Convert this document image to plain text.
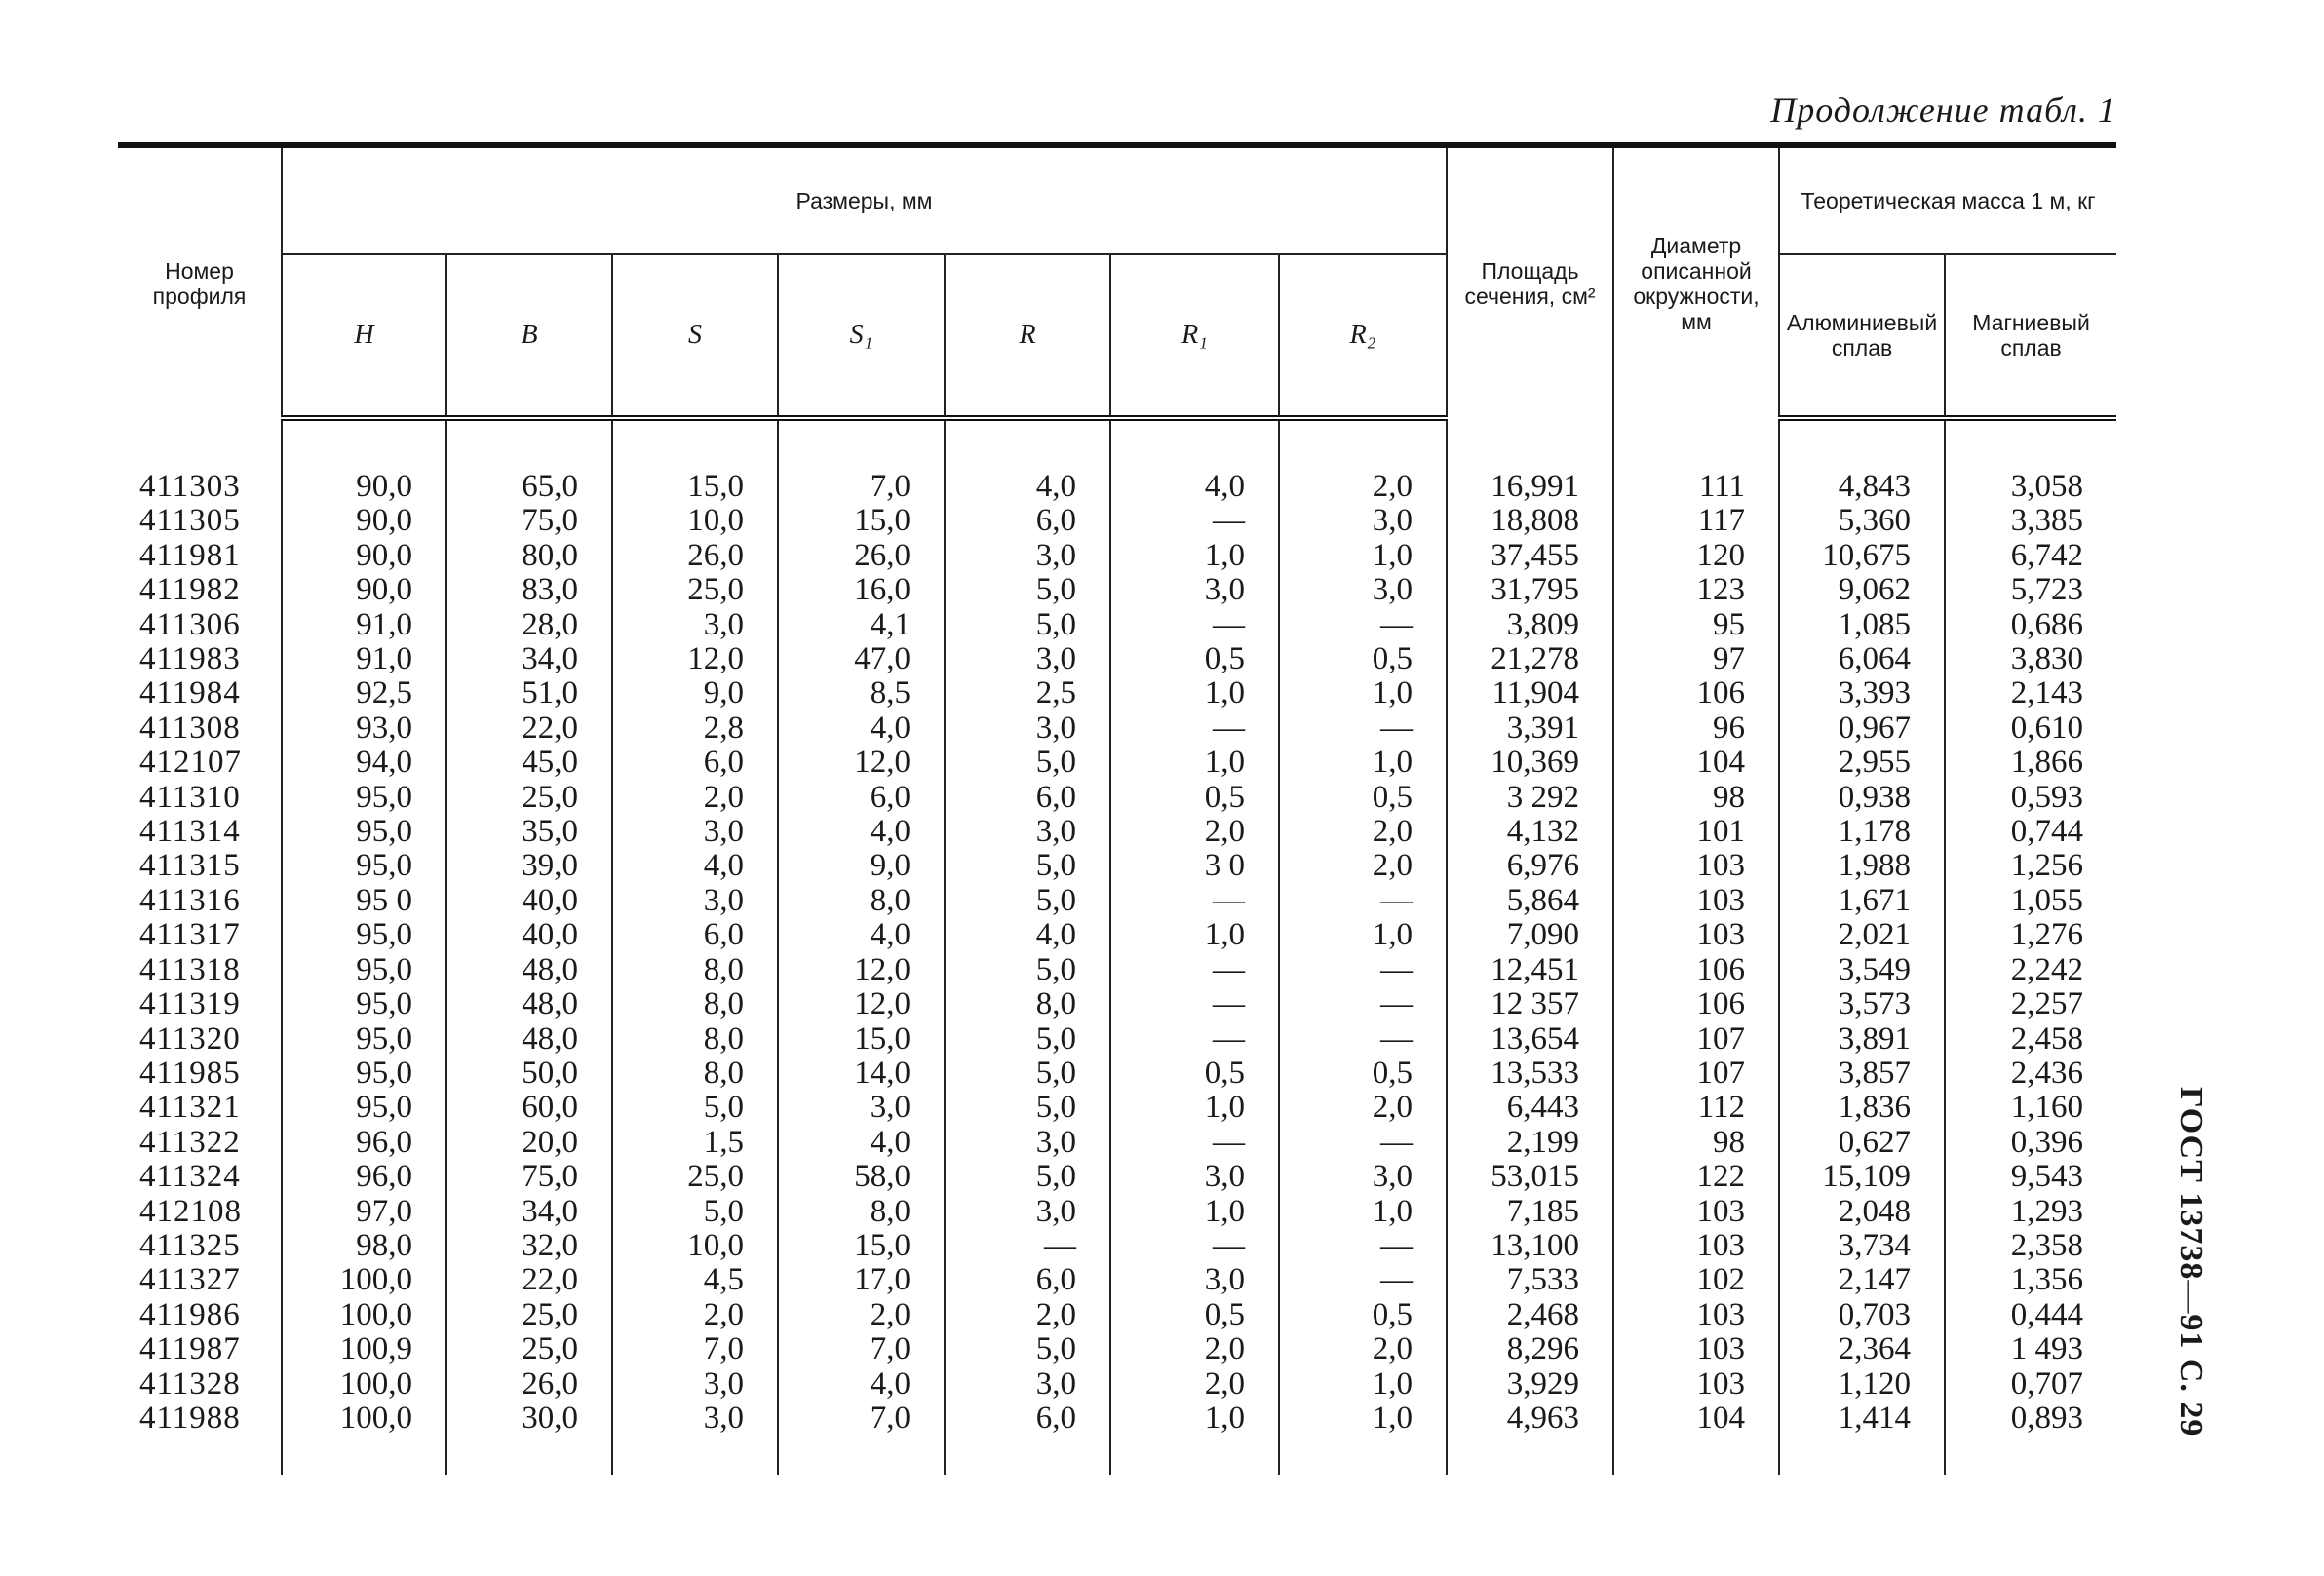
Продолжение табл. 1
Номер профиля	Размеры, мм							Площадь сечения, см²	Диаметр описанной окружности, мм	Теоретическая масса 1 м, кг	
	H	B	S	S₁	R	R₁	R₂			Алюминиевый сплав	Магниевый сплав

411303	90,0	65,0	15,0	7,0	4,0	4,0	2,0	16,991	111	4,843	3,058
411305	90,0	75,0	10,0	15,0	6,0	—	3,0	18,808	117	5,360	3,385
411981	90,0	80,0	26,0	26,0	3,0	1,0	1,0	37,455	120	10,675	6,742
411982	90,0	83,0	25,0	16,0	5,0	3,0	3,0	31,795	123	9,062	5,723
411306	91,0	28,0	3,0	4,1	5,0	—	—	3,809	95	1,085	0,686
411983	91,0	34,0	12,0	47,0	3,0	0,5	0,5	21,278	97	6,064	3,830
411984	92,5	51,0	9,0	8,5	2,5	1,0	1,0	11,904	106	3,393	2,143
411308	93,0	22,0	2,8	4,0	3,0	—	—	3,391	96	0,967	0,610
412107	94,0	45,0	6,0	12,0	5,0	1,0	1,0	10,369	104	2,955	1,866
411310	95,0	25,0	2,0	6,0	6,0	0,5	0,5	3 292	98	0,938	0,593
411314	95,0	35,0	3,0	4,0	3,0	2,0	2,0	4,132	101	1,178	0,744
411315	95,0	39,0	4,0	9,0	5,0	3 0	2,0	6,976	103	1,988	1,256
411316	95 0	40,0	3,0	8,0	5,0	—	—	5,864	103	1,671	1,055
411317	95,0	40,0	6,0	4,0	4,0	1,0	1,0	7,090	103	2,021	1,276
411318	95,0	48,0	8,0	12,0	5,0	—	—	12,451	106	3,549	2,242
411319	95,0	48,0	8,0	12,0	8,0	—	—	12 357	106	3,573	2,257
411320	95,0	48,0	8,0	15,0	5,0	—	—	13,654	107	3,891	2,458
411985	95,0	50,0	8,0	14,0	5,0	0,5	0,5	13,533	107	3,857	2,436
411321	95,0	60,0	5,0	3,0	5,0	1,0	2,0	6,443	112	1,836	1,160
411322	96,0	20,0	1,5	4,0	3,0	—	—	2,199	98	0,627	0,396
411324	96,0	75,0	25,0	58,0	5,0	3,0	3,0	53,015	122	15,109	9,543
412108	97,0	34,0	5,0	8,0	3,0	1,0	1,0	7,185	103	2,048	1,293
411325	98,0	32,0	10,0	15,0	—	—	—	13,100	103	3,734	2,358
411327	100,0	22,0	4,5	17,0	6,0	3,0	—	7,533	102	2,147	1,356
411986	100,0	25,0	2,0	2,0	2,0	0,5	0,5	2,468	103	0,703	0,444
411987	100,9	25,0	7,0	7,0	5,0	2,0	2,0	8,296	103	2,364	1 493
411328	100,0	26,0	3,0	4,0	3,0	2,0	1,0	3,929	103	1,120	0,707
411988	100,0	30,0	3,0	7,0	6,0	1,0	1,0	4,963	104	1,414	0,893	ГОСТ 13738—91 С. 29
